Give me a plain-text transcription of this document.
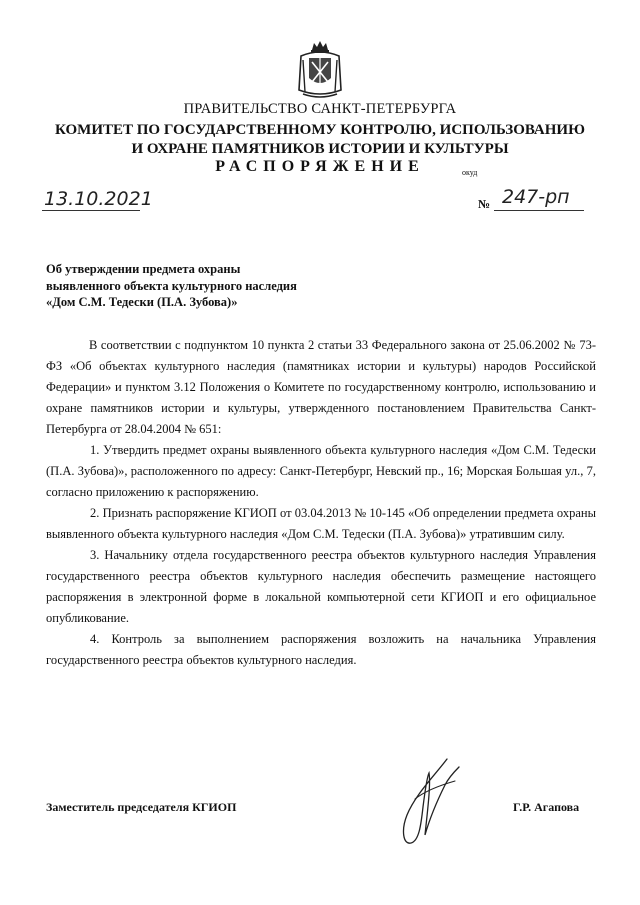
ПРАВИТЕЛЬСТВО САНКТ-ПЕТЕРБУРГА
КОМИТЕТ ПО ГОСУДАРСТВЕННОМУ КОНТРОЛЮ, ИСПОЛЬЗОВАНИЮ
И ОХРАНЕ ПАМЯТНИКОВ ИСТОРИИ И КУЛЬТУРЫ
РАСПОРЯЖЕНИЕ	окуд
13.10.2021	№ 247-рп
Об утверждении предмета охраны
выявленного объекта культурного наследия
«Дом С.М. Тедески (П.А. Зубова)»

В соответствии с подпунктом 10 пункта 2 статьи 33 Федерального закона от 25.06.2002 № 73-ФЗ «Об объектах культурного наследия (памятниках истории и культуры) народов Российской Федерации» и пунктом 3.12 Положения о Комитете по государственному контролю, использованию и охране памятников истории и культуры, утвержденного постановлением Правительства Санкт-Петербурга от 28.04.2004 № 651:

1. Утвердить предмет охраны выявленного объекта культурного наследия «Дом С.М. Тедески (П.А. Зубова)», расположенного по адресу: Санкт-Петербург, Невский пр., 16; Морская Большая ул., 7, согласно приложению к распоряжению.

2. Признать распоряжение КГИОП от 03.04.2013 № 10-145 «Об определении предмета охраны выявленного объекта культурного наследия «Дом С.М. Тедески (П.А. Зубова)» утратившим силу.

3. Начальнику отдела государственного реестра объектов культурного наследия Управления государственного реестра объектов культурного наследия обеспечить размещение настоящего распоряжения в электронной форме в локальной компьютерной сети КГИОП и его официальное опубликование.

4. Контроль за выполнением распоряжения возложить на начальника Управления государственного реестра объектов культурного наследия.

Заместитель председателя КГИОП	Г.Р. Агапова
